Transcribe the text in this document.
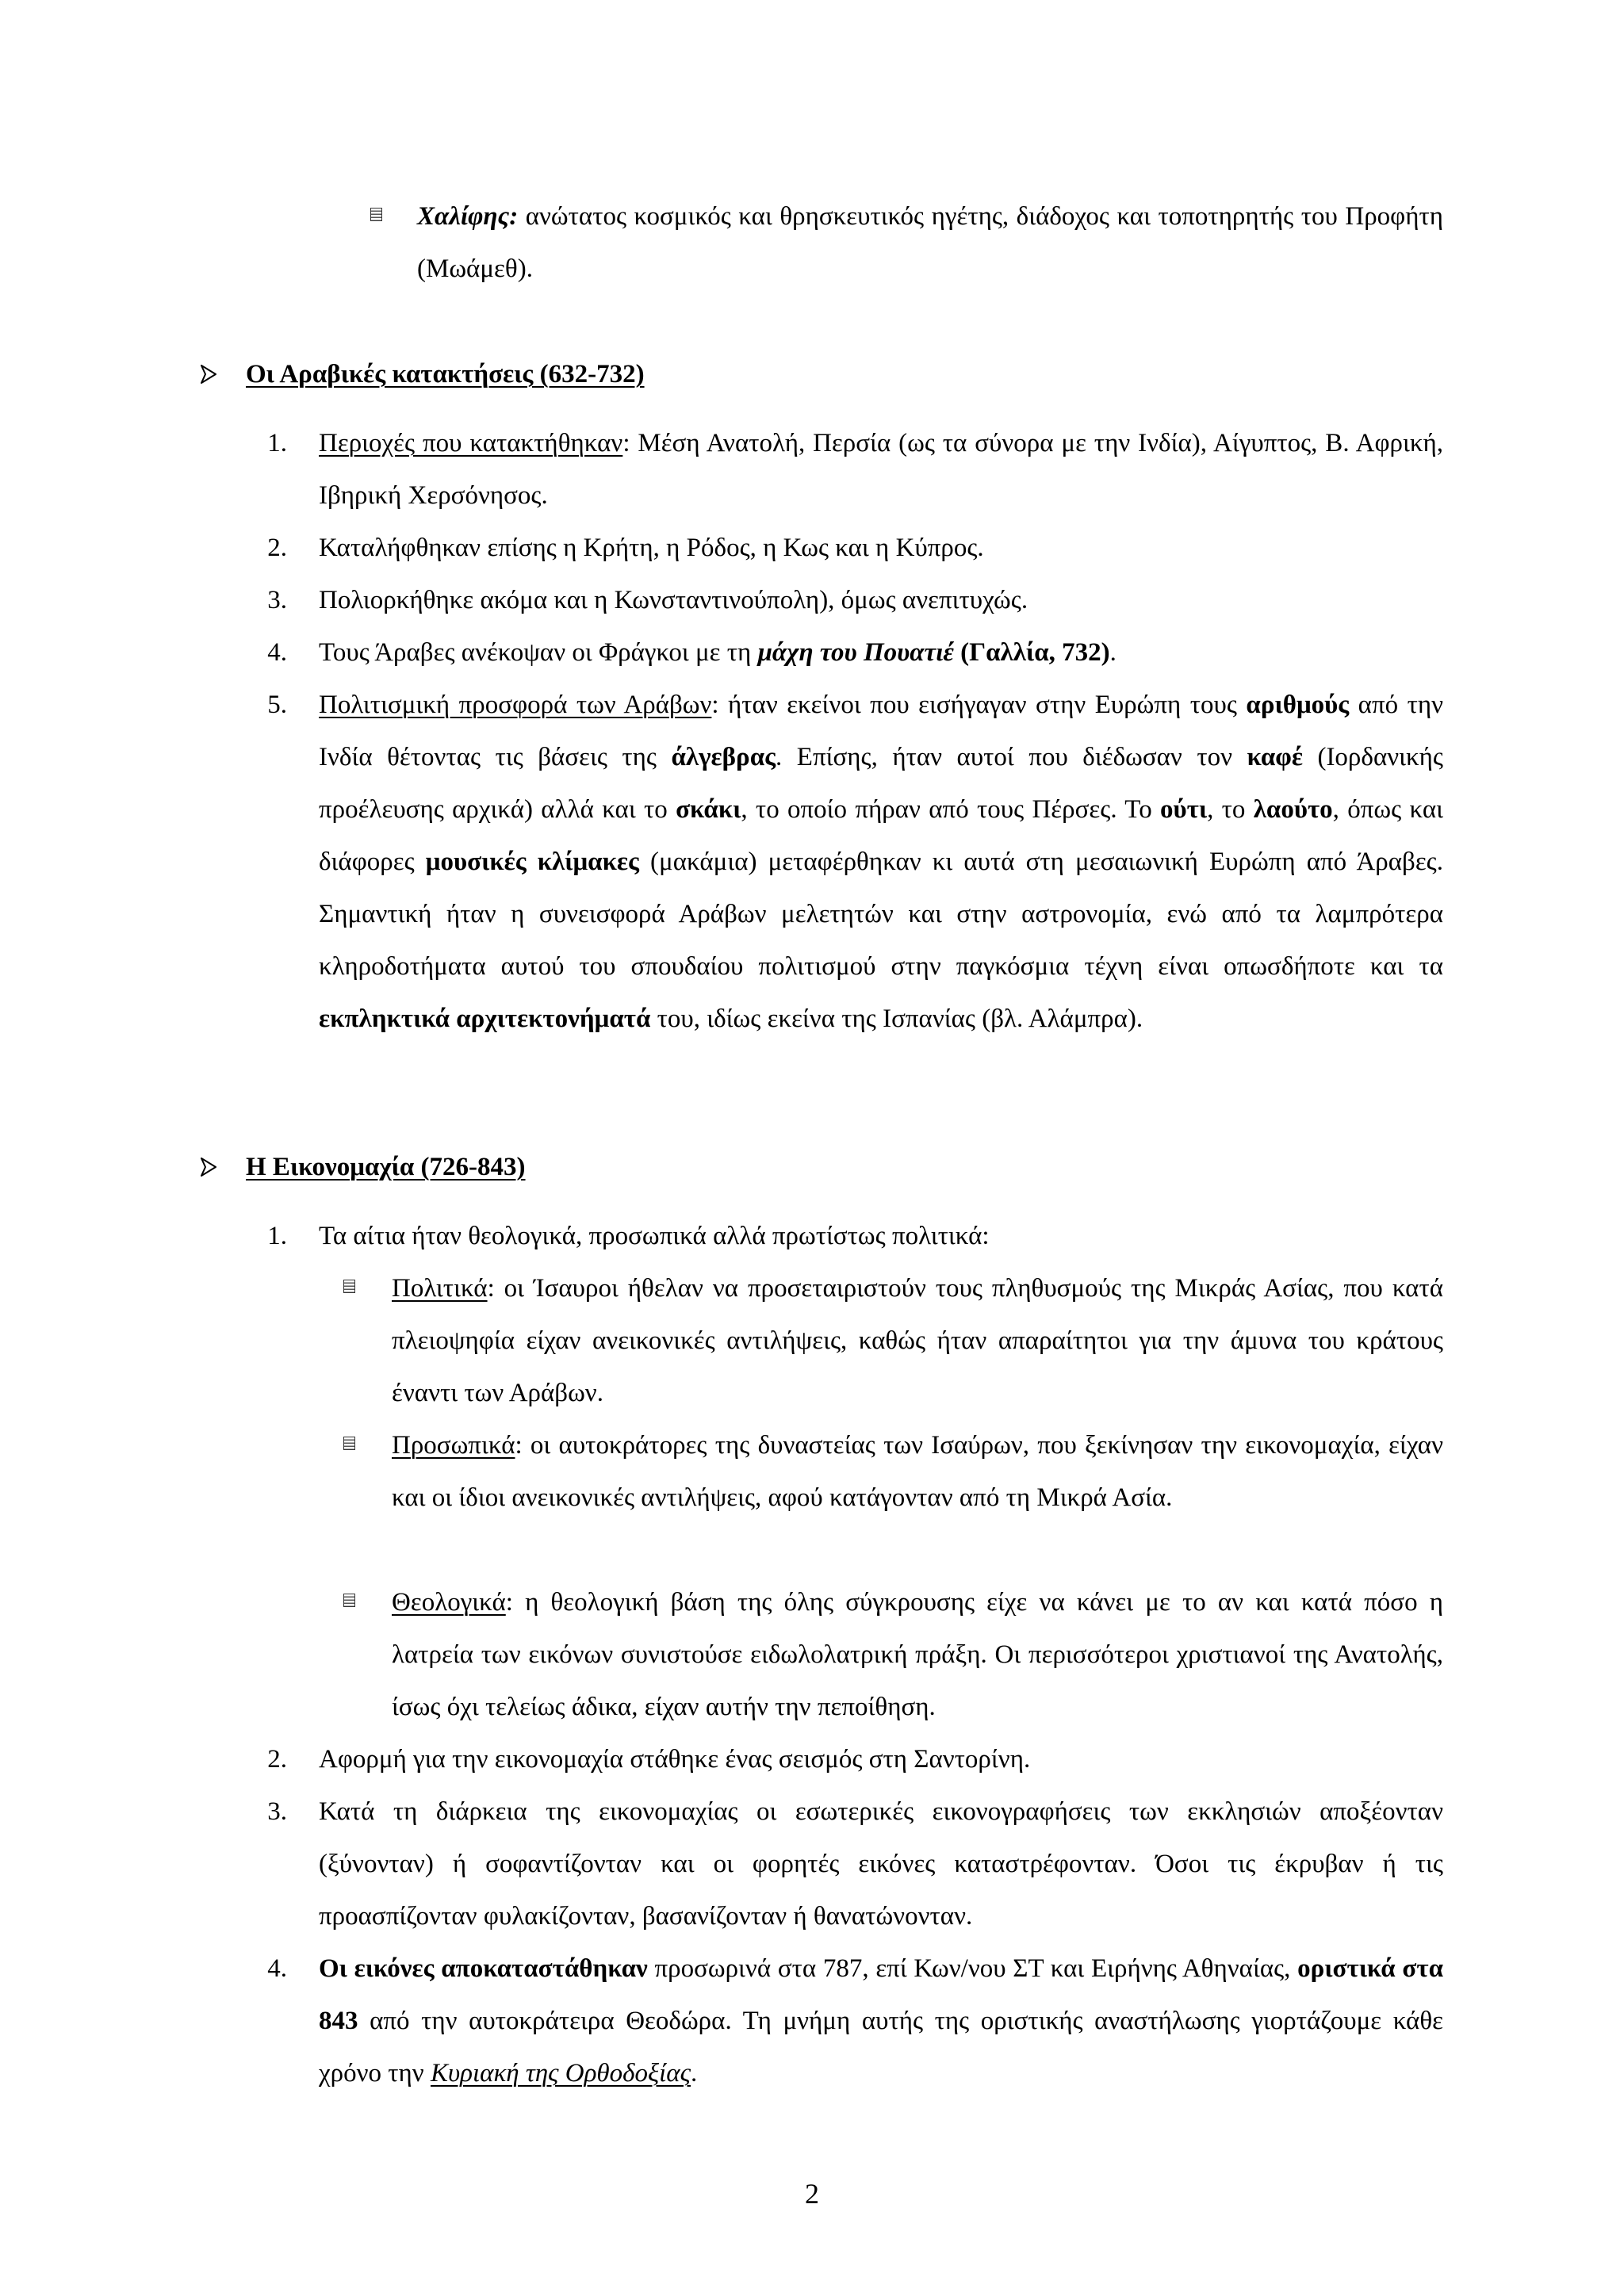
Χαλίφης: ανώτατος κοσμικός και θρησκευτικός ηγέτης, διάδοχος και τοποτηρητής του Προφήτη (Μωάμεθ).
Οι Αραβικές κατακτήσεις (632-732)
1. Περιοχές που κατακτήθηκαν: Μέση Ανατολή, Περσία (ως τα σύνορα με την Ινδία), Αίγυπτος, Β. Αφρική, Ιβηρική Χερσόνησος.
2. Καταλήφθηκαν επίσης η Κρήτη, η Ρόδος, η Κως και η Κύπρος.
3. Πολιορκήθηκε ακόμα και η Κωνσταντινούπολη), όμως ανεπιτυχώς.
4. Τους Άραβες ανέκοψαν οι Φράγκοι με τη μάχη του Πουατιέ (Γαλλία, 732).
5. Πολιτισμική προσφορά των Αράβων: ήταν εκείνοι που εισήγαγαν στην Ευρώπη τους αριθμούς από την Ινδία θέτοντας τις βάσεις της άλγεβρας. Επίσης, ήταν αυτοί που διέδωσαν τον καφέ (Ιορδανικής προέλευσης αρχικά) αλλά και το σκάκι, το οποίο πήραν από τους Πέρσες. Το ούτι, το λαούτο, όπως και διάφορες μουσικές κλίμακες (μακάμια) μεταφέρθηκαν κι αυτά στη μεσαιωνική Ευρώπη από Άραβες. Σημαντική ήταν η συνεισφορά Αράβων μελετητών και στην αστρονομία, ενώ από τα λαμπρότερα κληροδοτήματα αυτού του σπουδαίου πολιτισμού στην παγκόσμια τέχνη είναι οπωσδήποτε και τα εκπληκτικά αρχιτεκτονήματά του, ιδίως εκείνα της Ισπανίας (βλ. Αλάμπρα).
Η Εικονομαχία (726-843)
1. Τα αίτια ήταν θεολογικά, προσωπικά αλλά πρωτίστως πολιτικά:
Πολιτικά: οι Ίσαυροι ήθελαν να προσεταιριστούν τους πληθυσμούς της Μικράς Ασίας, που κατά πλειοψηφία είχαν ανεικονικές αντιλήψεις, καθώς ήταν απαραίτητοι για την άμυνα του κράτους έναντι των Αράβων.
Προσωπικά: οι αυτοκράτορες της δυναστείας των Ισαύρων, που ξεκίνησαν την εικονομαχία, είχαν και οι ίδιοι ανεικονικές αντιλήψεις, αφού κατάγονταν από τη Μικρά Ασία.
Θεολογικά: η θεολογική βάση της όλης σύγκρουσης είχε να κάνει με το αν και κατά πόσο η λατρεία των εικόνων συνιστούσε ειδωλολατρική πράξη. Οι περισσότεροι χριστιανοί της Ανατολής, ίσως όχι τελείως άδικα, είχαν αυτήν την πεποίθηση.
2. Αφορμή για την εικονομαχία στάθηκε ένας σεισμός στη Σαντορίνη.
3. Κατά τη διάρκεια της εικονομαχίας οι εσωτερικές εικονογραφήσεις των εκκλησιών αποξέονταν (ξύνονταν) ή σοφαντίζονταν και οι φορητές εικόνες καταστρέφονταν. Όσοι τις έκρυβαν ή τις προασπίζονταν φυλακίζονταν, βασανίζονταν ή θανατώνονταν.
4. Οι εικόνες αποκαταστάθηκαν προσωρινά στα 787, επί Κων/νου ΣΤ και Ειρήνης Αθηναίας, οριστικά στα 843 από την αυτοκράτειρα Θεοδώρα. Τη μνήμη αυτής της οριστικής αναστήλωσης γιορτάζουμε κάθε χρόνο την Κυριακή της Ορθοδοξίας.
2
